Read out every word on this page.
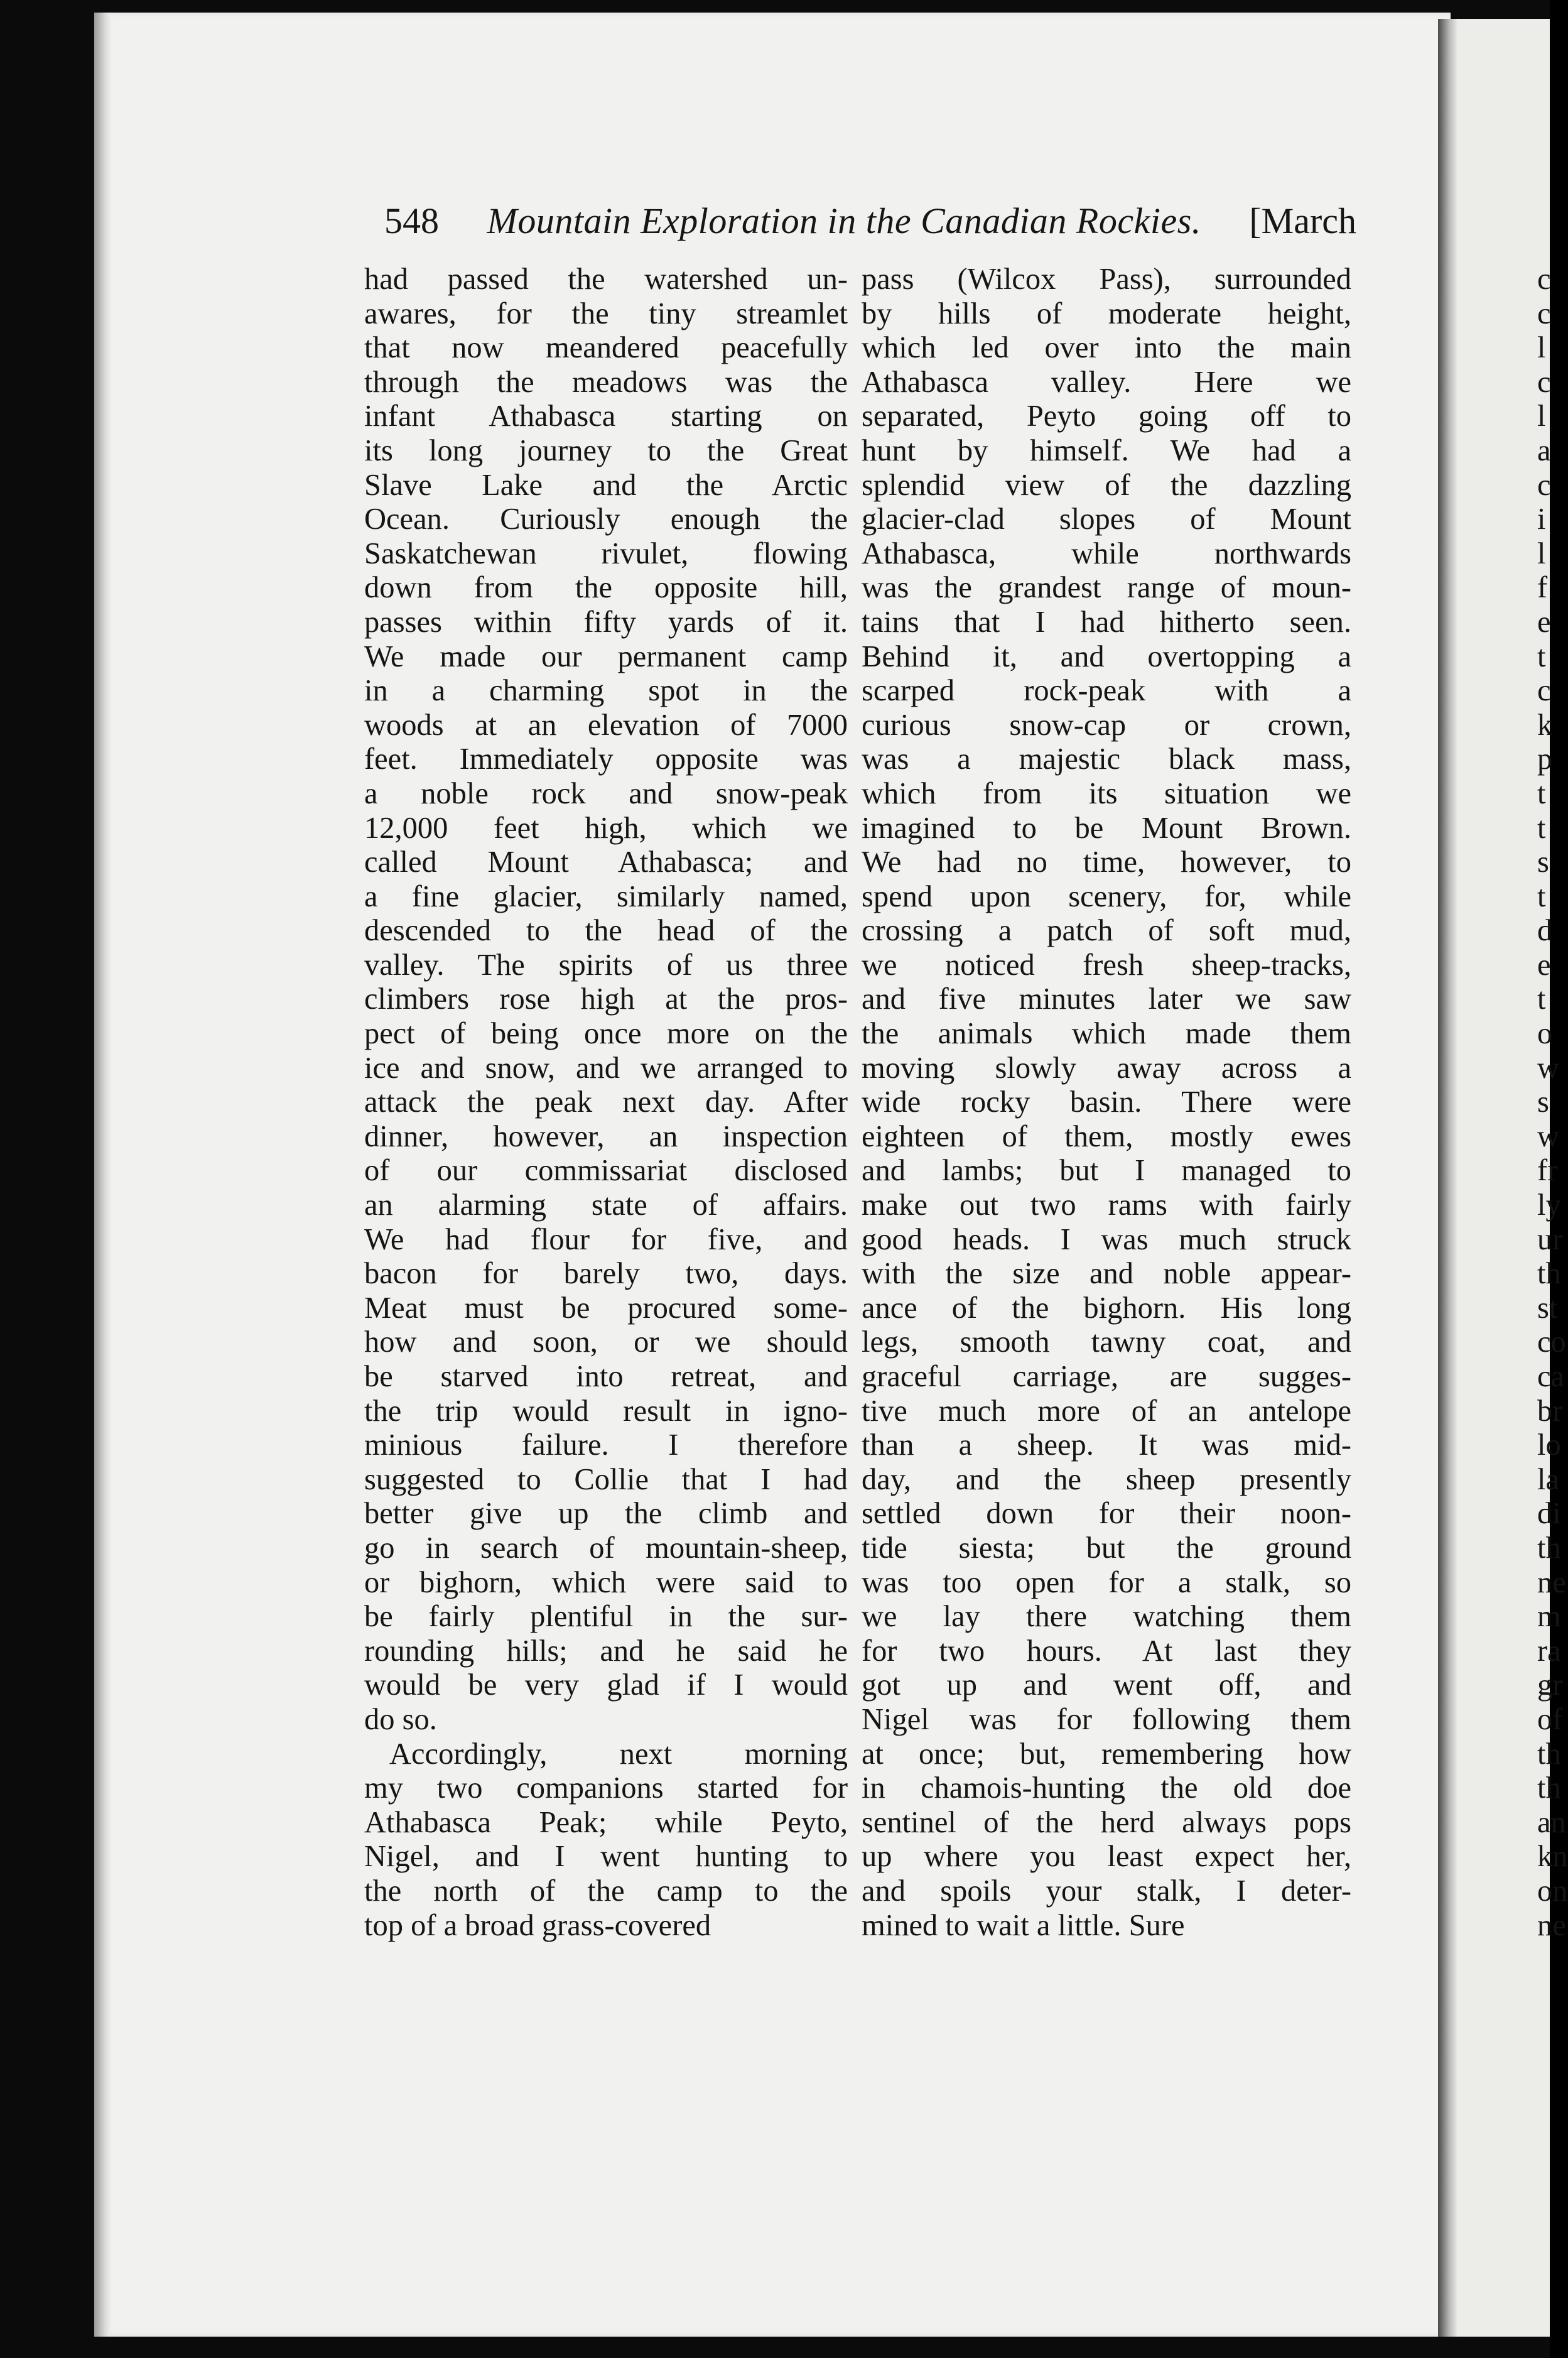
548 Mountain Exploration in the Canadian Rockies. [March
had passed the watershed un-
awares, for the tiny streamlet
that now meandered peacefully
through the meadows was the
infant Athabasca starting on
its long journey to the Great
Slave Lake and the Arctic
Ocean. Curiously enough the
Saskatchewan rivulet, flowing
down from the opposite hill,
passes within fifty yards of it.
We made our permanent camp
in a charming spot in the
woods at an elevation of 7000
feet. Immediately opposite was
a noble rock and snow-peak
12,000 feet high, which we
called Mount Athabasca; and
a fine glacier, similarly named,
descended to the head of the
valley. The spirits of us three
climbers rose high at the pros-
pect of being once more on the
ice and snow, and we arranged to
attack the peak next day. After
dinner, however, an inspection
of our commissariat disclosed
an alarming state of affairs.
We had flour for five, and
bacon for barely two, days.
Meat must be procured some-
how and soon, or we should
be starved into retreat, and
the trip would result in igno-
minious failure. I therefore
suggested to Collie that I had
better give up the climb and
go in search of mountain-sheep,
or bighorn, which were said to
be fairly plentiful in the sur-
rounding hills; and he said he
would be very glad if I would
do so.
Accordingly, next morning
my two companions started for
Athabasca Peak; while Peyto,
Nigel, and I went hunting to
the north of the camp to the
top of a broad grass-covered
pass (Wilcox Pass), surrounded
by hills of moderate height,
which led over into the main
Athabasca valley. Here we
separated, Peyto going off to
hunt by himself. We had a
splendid view of the dazzling
glacier-clad slopes of Mount
Athabasca, while northwards
was the grandest range of moun-
tains that I had hitherto seen.
Behind it, and overtopping a
scarped rock-peak with a
curious snow-cap or crown,
was a majestic black mass,
which from its situation we
imagined to be Mount Brown.
We had no time, however, to
spend upon scenery, for, while
crossing a patch of soft mud,
we noticed fresh sheep-tracks,
and five minutes later we saw
the animals which made them
moving slowly away across a
wide rocky basin. There were
eighteen of them, mostly ewes
and lambs; but I managed to
make out two rams with fairly
good heads. I was much struck
with the size and noble appear-
ance of the bighorn. His long
legs, smooth tawny coat, and
graceful carriage, are sugges-
tive much more of an antelope
than a sheep. It was mid-
day, and the sheep presently
settled down for their noon-
tide siesta; but the ground
was too open for a stalk, so
we lay there watching them
for two hours. At last they
got up and went off, and
Nigel was for following them
at once; but, remembering how
in chamois-hunting the old doe
sentinel of the herd always pops
up where you least expect her,
and spoils your stalk, I deter-
mined to wait a little. Sure
c
c
l
c
l
a
c
i
l
f
e
t
c
k
p
t
t
s
t
d
e
t
o
w
s
w
fr
ly
ur
th
st
co
ca
br
lo
la
di
th
ne
m
ra
gr
of
th
th
an
kn
on
ne
